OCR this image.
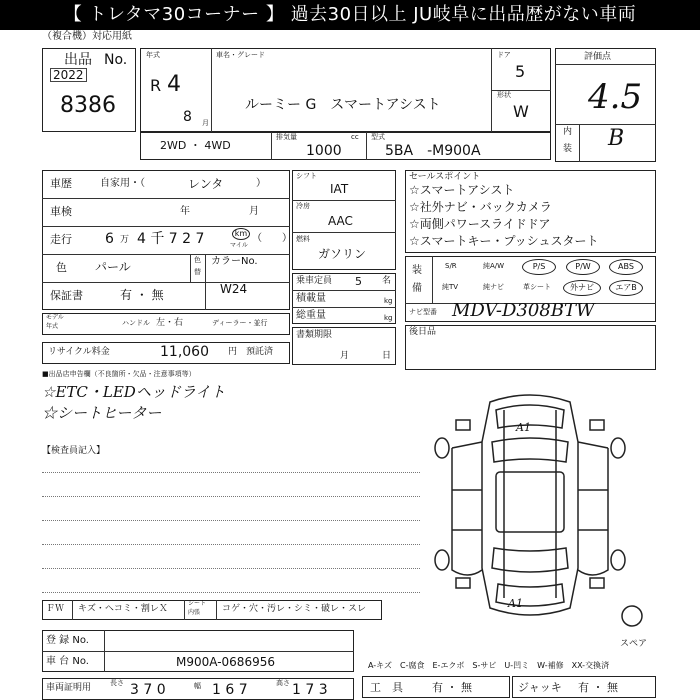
【 トレタマ30コーナー 】 過去30日以上 JU岐阜に出品歴がない車両
（複合機）対応用紙
出品 No.
2022
8386
年式
R 4
8 月
車名・グレード
ルーミー G　スマートアシスト
ドア
5
形状
W
評価点
4.5
内
装 B
2WD ・ 4WD
排気量	cc
1000
型式
5BA　-M900A
車歴	自家用・（	レンタ	）
車検	年	月
走行 6 万 4 千 7 2 7	km
マイル
（　　）
色 パール	色
替
カラーNo.
W24
保証書	有 ・ 無
モデル
年式	ハンドル 左・右	ディーラー・並行
リサイクル料金	11,060 円 預託済
シフト
IAT
冷房
AAC
燃料
ガソリン
乗車定員 5 名
積載量	kg
総重量	kg
書類期限
月	日
セールスポイント
☆スマートアシスト
☆社外ナビ・バックカメラ
☆両側パワースライドドア
☆スマートキー・プッシュスタート
装
備
S/R	純A/W	P/S	P/W	ABS
純TV	純ナビ	革シート	外ナビ	エアB
ナビ型番 MDV-D308BTW
後日品
■出品店申告欄（不良箇所・欠品・注意事項等）
☆ETC・LEDヘッドライト
☆シートヒーター
【検査員記入】
A1
A1
スペア
ＦＷ キズ・ヘコミ・割レＸ
シート
内張 コゲ・穴・汚レ・シミ・破レ・スレ
登 録 No.
車 台 No.	M900A-0686956
車両証明用	長さ 3 7 0	幅 1 6 7	高さ 1 7 3
A-キズ　C-腐食　E-エクボ　S-サビ　U-凹ミ　W-補修　XX-交換済
工　具	有 ・ 無	ジャッキ 有 ・ 無
